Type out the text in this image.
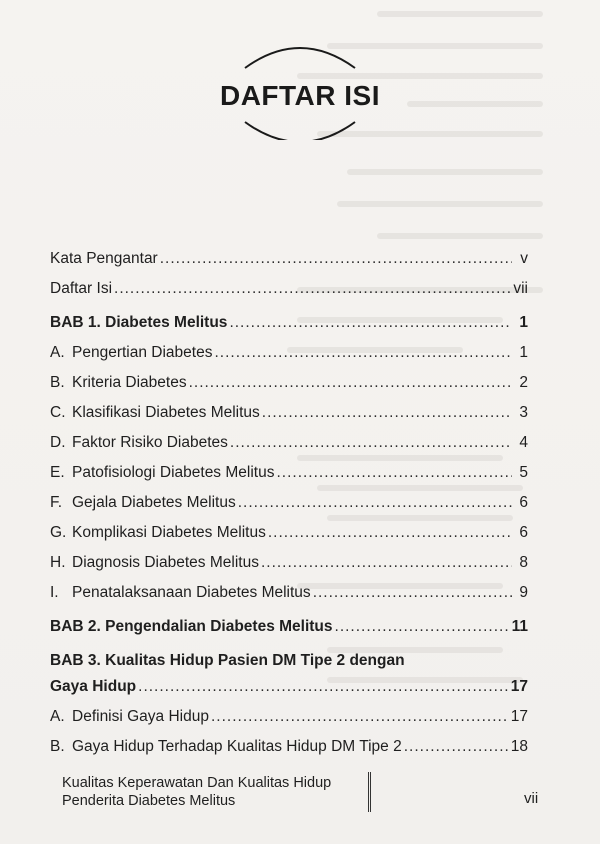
DAFTAR ISI
Kata Pengantar .....	v
Daftar Isi .....	vii
BAB 1. Diabetes Melitus .....	1
A. Pengertian Diabetes .....	1
B. Kriteria Diabetes .....	2
C. Klasifikasi Diabetes Melitus .....	3
D. Faktor Risiko Diabetes .....	4
E. Patofisiologi Diabetes Melitus .....	5
F. Gejala Diabetes Melitus .....	6
G. Komplikasi Diabetes Melitus .....	6
H. Diagnosis Diabetes Melitus .....	8
I. Penatalaksanaan Diabetes Melitus .....	9
BAB 2. Pengendalian Diabetes Melitus .....	11
BAB 3. Kualitas Hidup Pasien DM Tipe 2 dengan
Gaya Hidup .....	17
A. Definisi Gaya Hidup .....	17
B. Gaya Hidup Terhadap Kualitas Hidup DM Tipe 2 .....	18
Kualitas Keperawatan Dan Kualitas Hidup
Penderita Diabetes Melitus	vii
